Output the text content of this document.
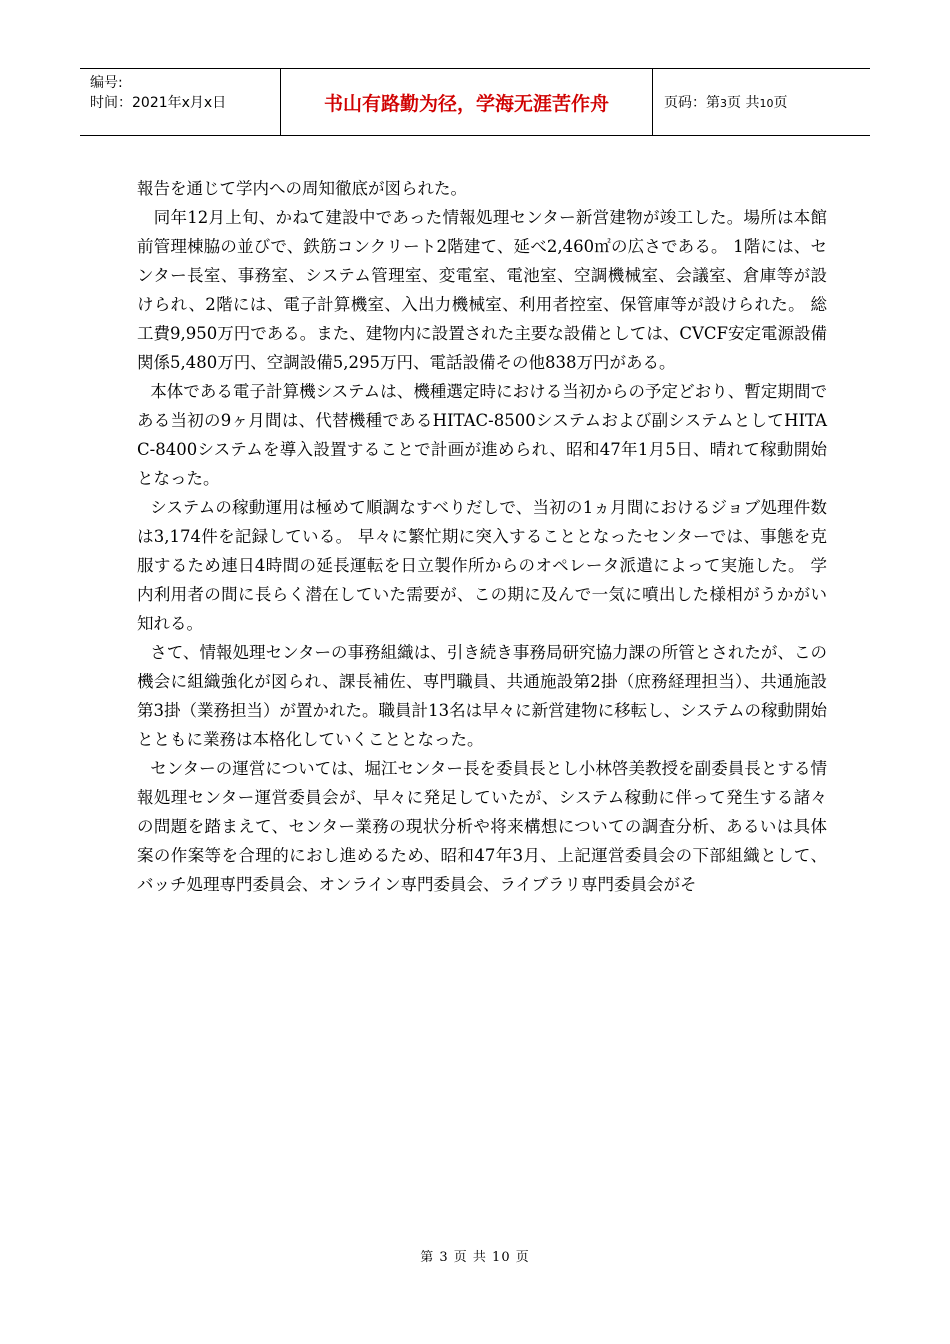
编号:
时间：2021年x月x日	书山有路勤为径，学海无涯苦作舟	页码：第3页 共10页

報告を通じて学内への周知徹底が図られた。

　同年12月上旬、かねて建設中であった情報処理センター新営建物が竣工した。場所は本館前管理棟脇の並びで、鉄筋コンクリート2階建て、延べ2,460㎡の広さである。 1階には、センター長室、事務室、システム管理室、変電室、電池室、空調機械室、会議室、倉庫等が設けられ、2階には、電子計算機室、入出力機械室、利用者控室、保管庫等が設けられた。 総工費9,950万円である。また、建物内に設置された主要な設備としては、CVCF安定電源設備関係5,480万円、空調設備5,295万円、電話設備その他838万円がある。

本体である電子計算機システムは、機種選定時における当初からの予定どおり、暫定期間である当初の9ヶ月間は、代替機種であるHITAC-8500システムおよび副システムとしてHITAC-8400システムを導入設置することで計画が進められ、昭和47年1月5日、晴れて稼動開始となった。

システムの稼動運用は極めて順調なすべりだしで、当初の1ヵ月間におけるジョブ処理件数は3,174件を記録している。 早々に繁忙期に突入することとなったセンターでは、事態を克服するため連日4時間の延長運転を日立製作所からのオペレータ派遣によって実施した。 学内利用者の間に長らく潜在していた需要が、この期に及んで一気に噴出した様相がうかがい知れる。

さて、情報処理センターの事務組織は、引き続き事務局研究協力課の所管とされたが、この機会に組織強化が図られ、課長補佐、専門職員、共通施設第2掛（庶務経理担当）、共通施設第3掛（業務担当）が置かれた。職員計13名は早々に新営建物に移転し、システムの稼動開始とともに業務は本格化していくこととなった。

センターの運営については、堀江センター長を委員長とし小林啓美教授を副委員長とする情報処理センター運営委員会が、早々に発足していたが、システム稼動に伴って発生する諸々の問題を踏まえて、センター業務の現状分析や将来構想についての調査分析、あるいは具体案の作案等を合理的におし進めるため、昭和47年3月、上記運営委員会の下部組織として、バッチ処理専門委員会、オンライン専門委員会、ライブラリ専門委員会がそ

第 3 页 共 10 页
